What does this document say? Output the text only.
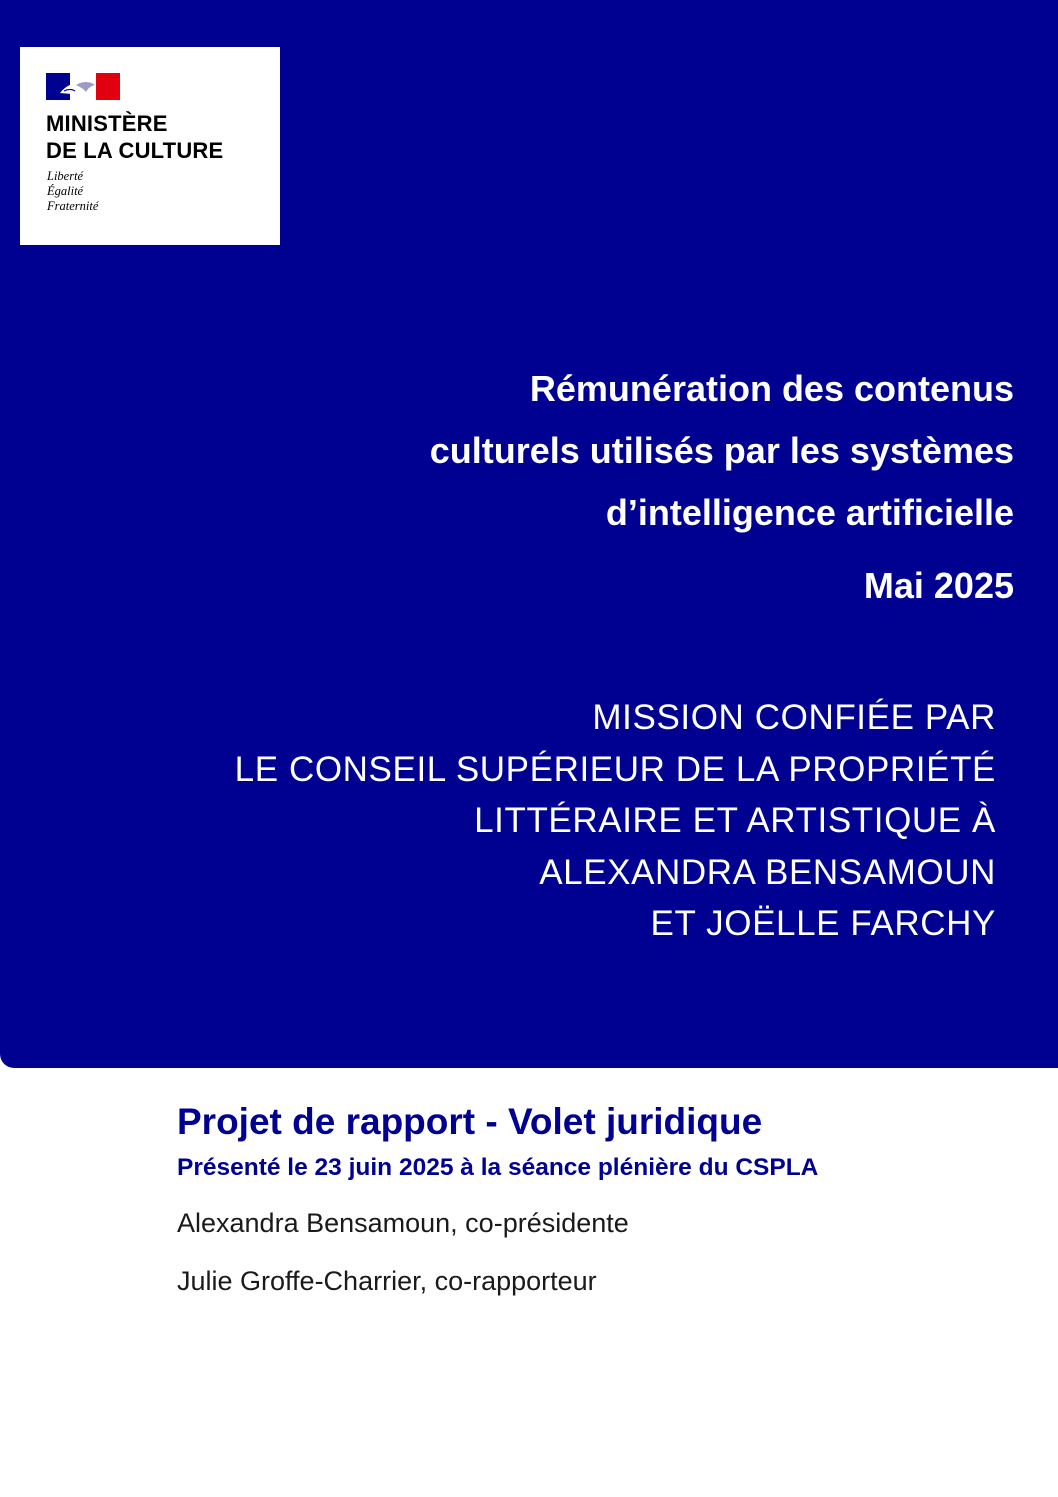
MINISTÈRE
DE LA CULTURE
Liberté
Égalité
Fraternité
Rémunération des contenus
culturels utilisés par les systèmes
d’intelligence artificielle
Mai 2025
MISSION CONFIÉE PAR
LE CONSEIL SUPÉRIEUR DE LA PROPRIÉTÉ
LITTÉRAIRE ET ARTISTIQUE À
ALEXANDRA BENSAMOUN
ET JOËLLE FARCHY
Projet de rapport - Volet juridique
Présenté le 23 juin 2025 à la séance plénière du CSPLA
Alexandra Bensamoun, co-présidente
Julie Groffe-Charrier, co-rapporteur
